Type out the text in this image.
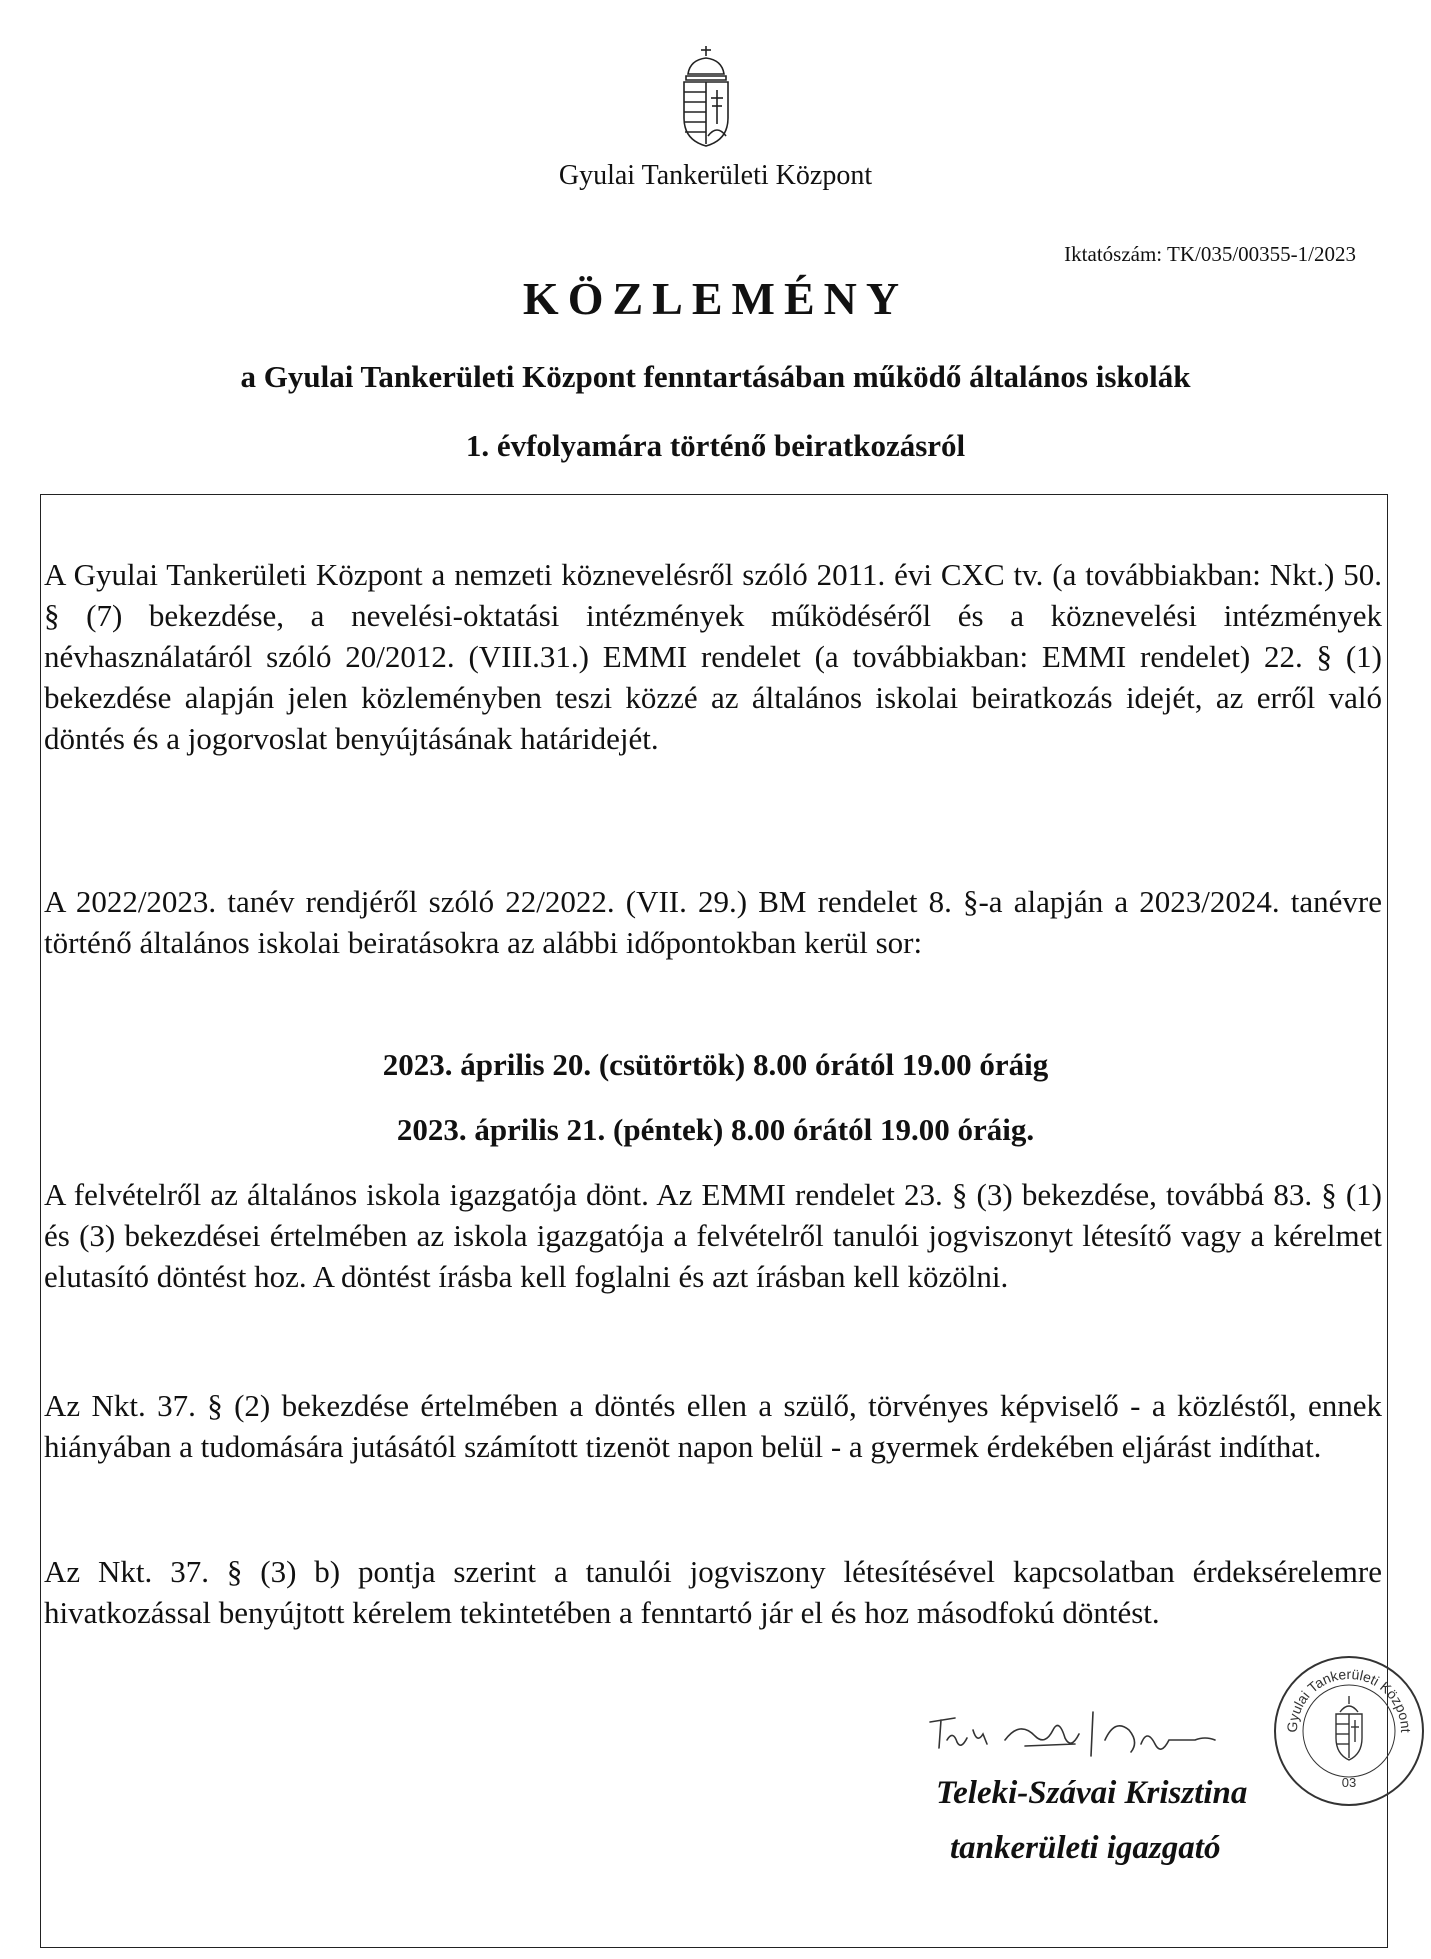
Gyulai Tankerületi Központ
Iktatószám: TK/035/00355-1/2023
KÖZLEMÉNY
a Gyulai Tankerületi Központ fenntartásában működő általános iskolák
1. évfolyamára történő beiratkozásról

A Gyulai Tankerületi Központ a nemzeti köznevelésről szóló 2011. évi CXC tv. (a továbbiakban: Nkt.) 50. § (7) bekezdése, a nevelési-oktatási intézmények működéséről és a köznevelési intézmények névhasználatáról szóló 20/2012. (VIII.31.) EMMI rendelet (a továbbiakban: EMMI rendelet) 22. § (1) bekezdése alapján jelen közleményben teszi közzé az általános iskolai beiratkozás idejét, az erről való döntés és a jogorvoslat benyújtásának határidejét.

A 2022/2023. tanév rendjéről szóló 22/2022. (VII. 29.) BM rendelet 8. §-a alapján a 2023/2024. tanévre történő általános iskolai beiratásokra az alábbi időpontokban kerül sor:

2023. április 20. (csütörtök) 8.00 órától 19.00 óráig
2023. április 21. (péntek) 8.00 órától 19.00 óráig.

A felvételről az általános iskola igazgatója dönt. Az EMMI rendelet 23. § (3) bekezdése, továbbá 83. § (1) és (3) bekezdései értelmében az iskola igazgatója a felvételről tanulói jogviszonyt létesítő vagy a kérelmet elutasító döntést hoz. A döntést írásba kell foglalni és azt írásban kell közölni.

Az Nkt. 37. § (2) bekezdése értelmében a döntés ellen a szülő, törvényes képviselő - a közléstől, ennek hiányában a tudomására jutásától számított tizenöt napon belül - a gyermek érdekében eljárást indíthat.

Az Nkt. 37. § (3) b) pontja szerint a tanulói jogviszony létesítésével kapcsolatban érdeksérelemre hivatkozással benyújtott kérelem tekintetében a fenntartó jár el és hoz másodfokú döntést.

Teleki-Szávai Krisztina
tankerületi igazgató
Gyulai Tankerületi Központ
03
